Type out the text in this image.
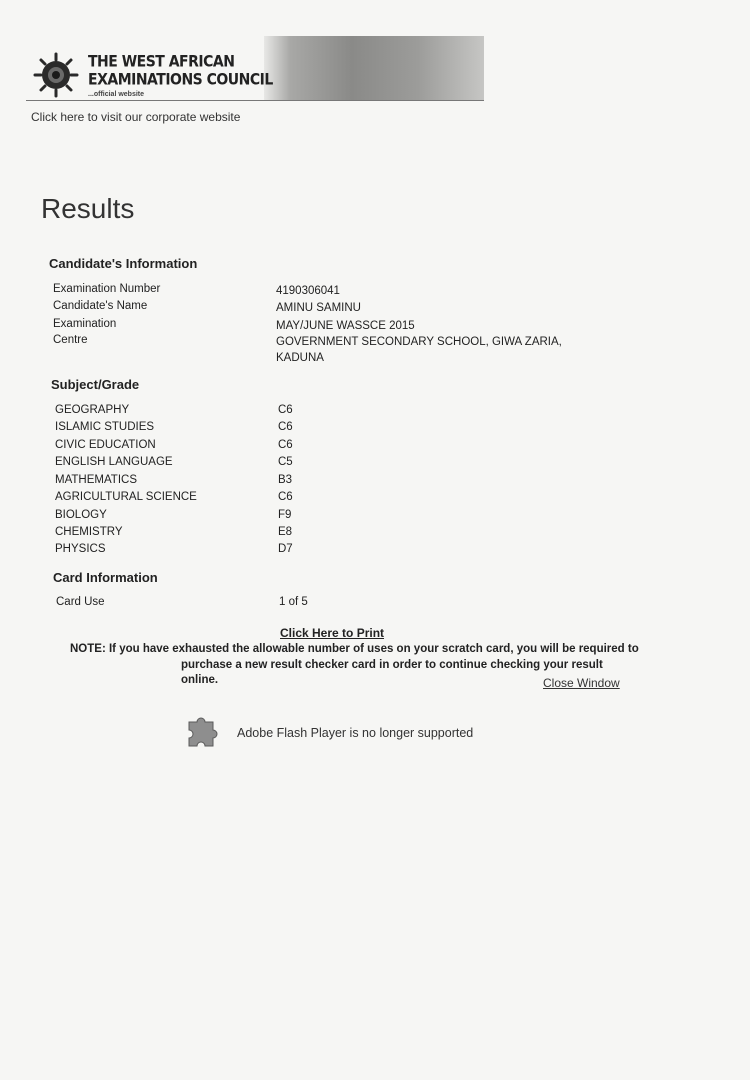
THE WEST AFRICAN
EXAMINATIONS COUNCIL
...official website
Click here to visit our corporate website
Results
Candidate's Information
Examination Number	4190306041
Candidate's Name	AMINU SAMINU
Examination	MAY/JUNE WASSCE 2015
Centre	GOVERNMENT SECONDARY SCHOOL, GIWA ZARIA, KADUNA
Subject/Grade
GEOGRAPHY	C6
ISLAMIC STUDIES	C6
CIVIC EDUCATION	C6
ENGLISH LANGUAGE	C5
MATHEMATICS	B3
AGRICULTURAL SCIENCE	C6
BIOLOGY	F9
CHEMISTRY	E8
PHYSICS	D7
Card Information
Card Use	1 of 5
Click Here to Print
NOTE: If you have exhausted the allowable number of uses on your scratch card, you will be required to
purchase a new result checker card in order to continue checking your result online.	Close Window
Adobe Flash Player is no longer supported
